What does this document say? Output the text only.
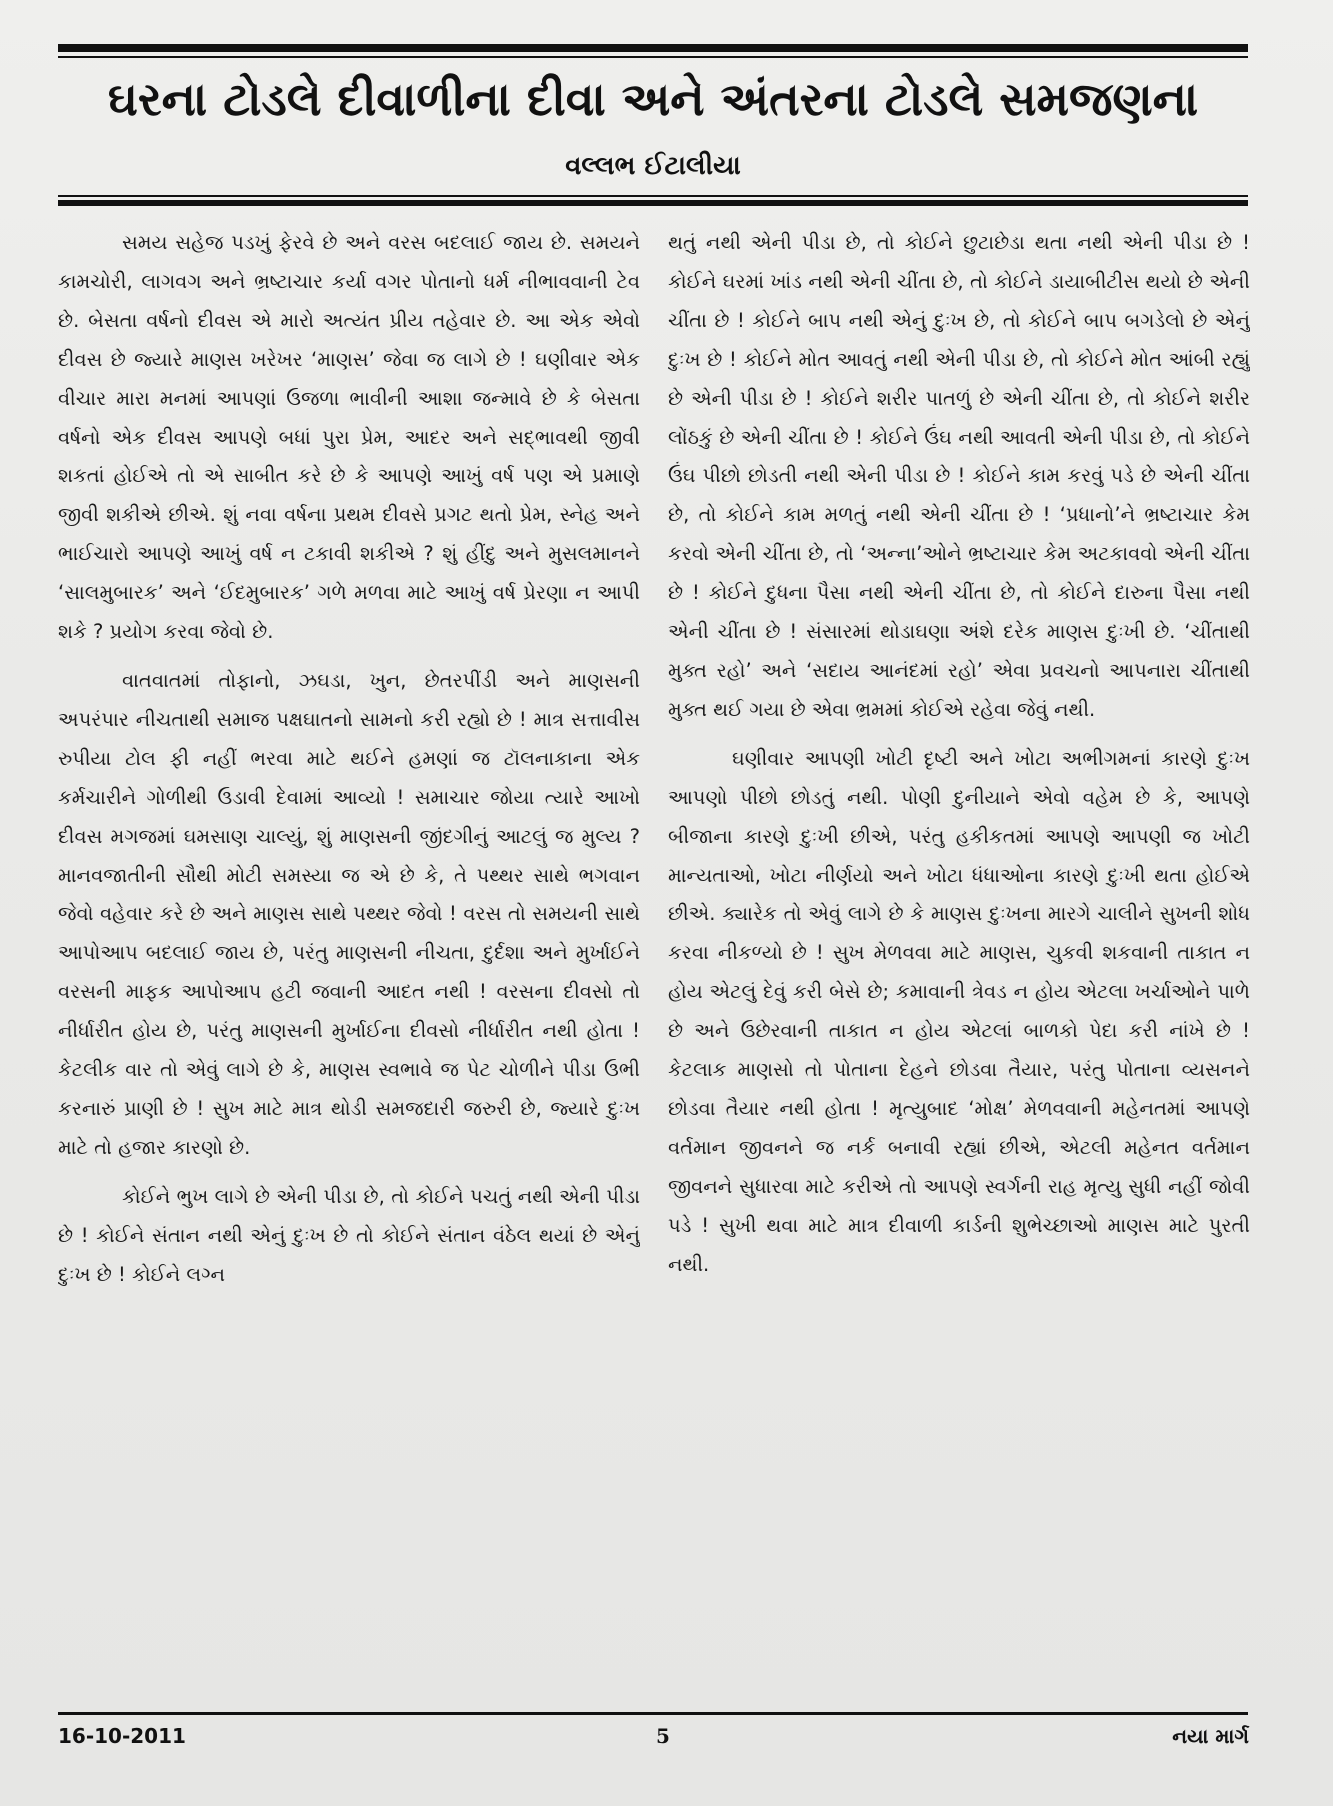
ઘરના ટોડલે દીવાળીના દીવા અને અંતરના ટોડલે સમજણના
વલ્લભ ઈટાલીયા

સમય સહેજ પડખું ફેરવે છે અને વરસ બદલાઈ જાય છે. સમયને કામચોરી, લાગવગ અને ભ્રષ્ટાચાર કર્યા વગર પોતાનો ધર્મ નીભાવવાની ટેવ છે. બેસતા વર્ષનો દીવસ એ મારો અત્યંત પ્રીય તહેવાર છે. આ એક એવો દીવસ છે જ્યારે માણસ ખરેખર ‘માણસ’ જેવા જ લાગે છે ! ઘણીવાર એક વીચાર મારા મનમાં આપણાં ઉજળા ભાવીની આશા જન્માવે છે કે બેસતા વર્ષનો એક દીવસ આપણે બધાં પુરા પ્રેમ, આદર અને સદ્‌ભાવથી જીવી શકતાં હોઈએ તો એ સાબીત કરે છે કે આપણે આખું વર્ષ પણ એ પ્રમાણે જીવી શકીએ છીએ. શું નવા વર્ષના પ્રથમ દીવસે પ્રગટ થતો પ્રેમ, સ્નેહ અને ભાઈચારો આપણે આખું વર્ષ ન ટકાવી શકીએ ? શું હીંદુ અને મુસલમાનને ‘સાલમુબારક’ અને ‘ઈદમુબારક’ ગળે મળવા માટે આખું વર્ષ પ્રેરણા ન આપી શકે ? પ્રયોગ કરવા જેવો છે.

વાતવાતમાં તોફાનો, ઝઘડા, ખુન, છેતરપીંડી અને માણસની અપરંપાર નીચતાથી સમાજ પક્ષઘાતનો સામનો કરી રહ્યો છે ! માત્ર સત્તાવીસ રુપીયા ટોલ ફી નહીં ભરવા માટે થઈને હમણાં જ ટૉલનાકાના એક કર્મચારીને ગોળીથી ઉડાવી દેવામાં આવ્યો ! સમાચાર જોયા ત્યારે આખો દીવસ મગજમાં ઘમસાણ ચાલ્યું, શું માણસની જીંદગીનું આટલું જ મુલ્ય ? માનવજાતીની સૌથી મોટી સમસ્યા જ એ છે કે, તે પથ્થર સાથે ભગવાન જેવો વહેવાર કરે છે અને માણસ સાથે પથ્થર જેવો ! વરસ તો સમયની સાથે આપોઆપ બદલાઈ જાય છે, પરંતુ માણસની નીચતા, દુર્દશા અને મુર્ખાઈને વરસની માફક આપોઆપ હટી જવાની આદત નથી ! વરસના દીવસો તો નીર્ધારીત હોય છે, પરંતુ માણસની મુર્ખાઈના દીવસો નીર્ધારીત નથી હોતા ! કેટલીક વાર તો એવું લાગે છે કે, માણસ સ્વભાવે જ પેટ ચોળીને પીડા ઉભી કરનારું પ્રાણી છે ! સુખ માટે માત્ર થોડી સમજદારી જરુરી છે, જ્યારે દુઃખ માટે તો હજાર કારણો છે.

કોઈને ભુખ લાગે છે એની પીડા છે, તો કોઈને પચતું નથી એની પીડા છે ! કોઈને સંતાન નથી એનું દુઃખ છે તો કોઈને સંતાન વંઠેલ થયાં છે એનું દુઃખ છે ! કોઈને લગ્ન

થતું નથી એની પીડા છે, તો કોઈને છુટાછેડા થતા નથી એની પીડા છે ! કોઈને ઘરમાં ખાંડ નથી એની ચીંતા છે, તો કોઈને ડાયાબીટીસ થયો છે એની ચીંતા છે ! કોઈને બાપ નથી એનું દુઃખ છે, તો કોઈને બાપ બગડેલો છે એનું દુઃખ છે ! કોઈને મોત આવતું નથી એની પીડા છે, તો કોઈને મોત આંબી રહ્યું છે એની પીડા છે ! કોઈને શરીર પાતળું છે એની ચીંતા છે, તો કોઈને શરીર લોંઠકું છે એની ચીંતા છે ! કોઈને ઉંઘ નથી આવતી એની પીડા છે, તો કોઈને ઉંઘ પીછો છોડતી નથી એની પીડા છે ! કોઈને કામ કરવું પડે છે એની ચીંતા છે, તો કોઈને કામ મળતું નથી એની ચીંતા છે ! ‘પ્રધાનો’ને ભ્રષ્ટાચાર કેમ કરવો એની ચીંતા છે, તો ‘અન્ના’ઓને ભ્રષ્ટાચાર કેમ અટકાવવો એની ચીંતા છે ! કોઈને દુધના પૈસા નથી એની ચીંતા છે, તો કોઈને દારુના પૈસા નથી એની ચીંતા છે ! સંસારમાં થોડાઘણા અંશે દરેક માણસ દુઃખી છે. ‘ચીંતાથી મુક્ત રહો’ અને ‘સદાય આનંદમાં રહો’ એવા પ્રવચનો આપનારા ચીંતાથી મુક્ત થઈ ગયા છે એવા ભ્રમમાં કોઈએ રહેવા જેવું નથી.

ઘણીવાર આપણી ખોટી દૃષ્ટી અને ખોટા અભીગમનાં કારણે દુઃખ આપણો પીછો છોડતું નથી. પોણી દુનીયાને એવો વહેમ છે કે, આપણે બીજાના કારણે દુઃખી છીએ, પરંતુ હકીકતમાં આપણે આપણી જ ખોટી માન્યતાઓ, ખોટા નીર્ણયો અને ખોટા ધંધાઓના કારણે દુઃખી થતા હોઈએ છીએ. ક્યારેક તો એવું લાગે છે કે માણસ દુઃખના મારગે ચાલીને સુખની શોધ કરવા નીકળ્યો છે ! સુખ મેળવવા માટે માણસ, ચુકવી શકવાની તાકાત ન હોય એટલું દેવું કરી બેસે છે; કમાવાની ત્રેવડ ન હોય એટલા ખર્ચાઓને પાળે છે અને ઉછેરવાની તાકાત ન હોય એટલાં બાળકો પેદા કરી નાંખે છે ! કેટલાક માણસો તો પોતાના દેહને છોડવા તૈયાર, પરંતુ પોતાના વ્યસનને છોડવા તૈયાર નથી હોતા ! મૃત્યુબાદ ‘મોક્ષ’ મેળવવાની મહેનતમાં આપણે વર્તમાન જીવનને જ નર્ક બનાવી રહ્યાં છીએ, એટલી મહેનત વર્તમાન જીવનને સુધારવા માટે કરીએ તો આપણે સ્વર્ગની રાહ મૃત્યુ સુધી નહીં જોવી પડે ! સુખી થવા માટે માત્ર દીવાળી કાર્ડની શુભેચ્છાઓ માણસ માટે પુરતી નથી.

16-10-2011	5	નયા માર્ગ
